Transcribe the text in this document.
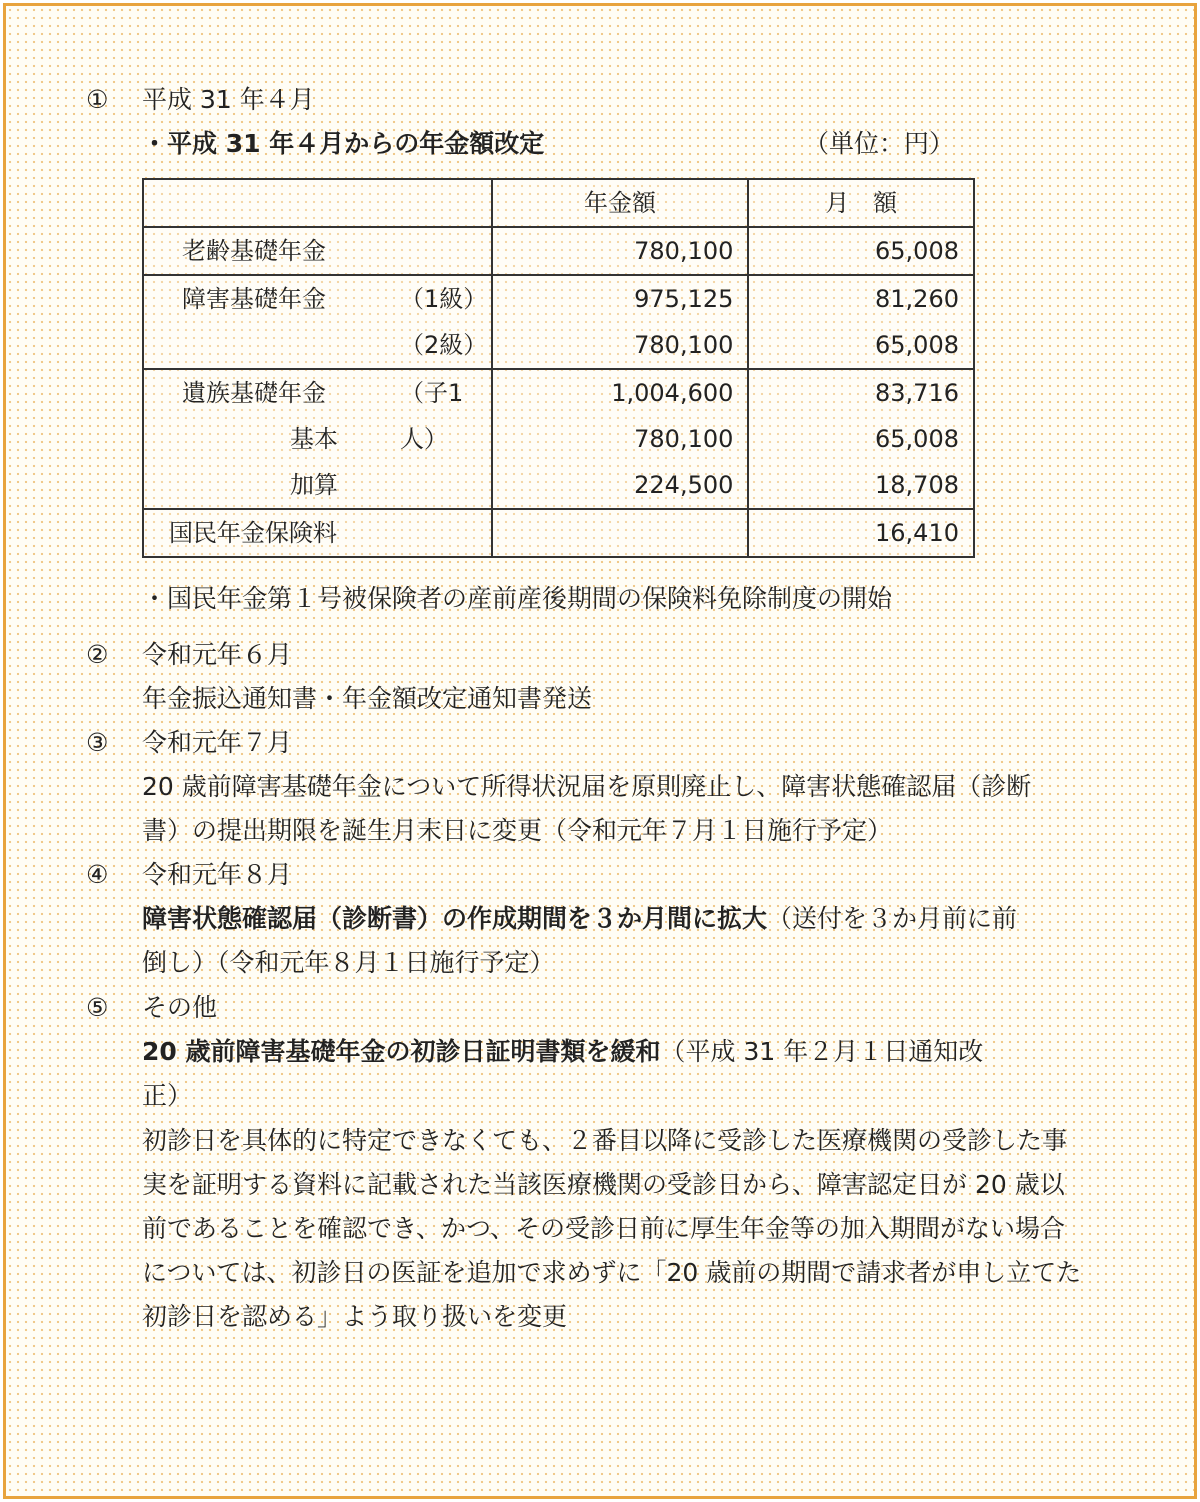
① 平成 31 年４月
・平成 31 年４月からの年金額改定	（単位：円）
	年金額	月　額

老齢基礎年金	780,100	65,008

障害基礎年金 （1級）	975,125	81,260

（2級）	780,100	65,008

遺族基礎年金 （子1人）	1,004,600	83,716

基本	780,100	65,008

加算	224,500	18,708

国民年金保険料		16,410
・国民年金第１号被保険者の産前産後期間の保険料免除制度の開始
② 令和元年６月
年金振込通知書・年金額改定通知書発送
③ 令和元年７月
20 歳前障害基礎年金について所得状況届を原則廃止し、障害状態確認届（診断
書）の提出期限を誕生月末日に変更（令和元年７月１日施行予定）
④ 令和元年８月
障害状態確認届（診断書）の作成期間を３か月間に拡大（送付を３か月前に前
倒し）（令和元年８月１日施行予定）
⑤ その他
20 歳前障害基礎年金の初診日証明書類を緩和（平成 31 年２月１日通知改
正）
初診日を具体的に特定できなくても、２番目以降に受診した医療機関の受診した事
実を証明する資料に記載された当該医療機関の受診日から、障害認定日が 20 歳以
前であることを確認でき、かつ、その受診日前に厚生年金等の加入期間がない場合
については、初診日の医証を追加で求めずに「20 歳前の期間で請求者が申し立てた
初診日を認める」よう取り扱いを変更
